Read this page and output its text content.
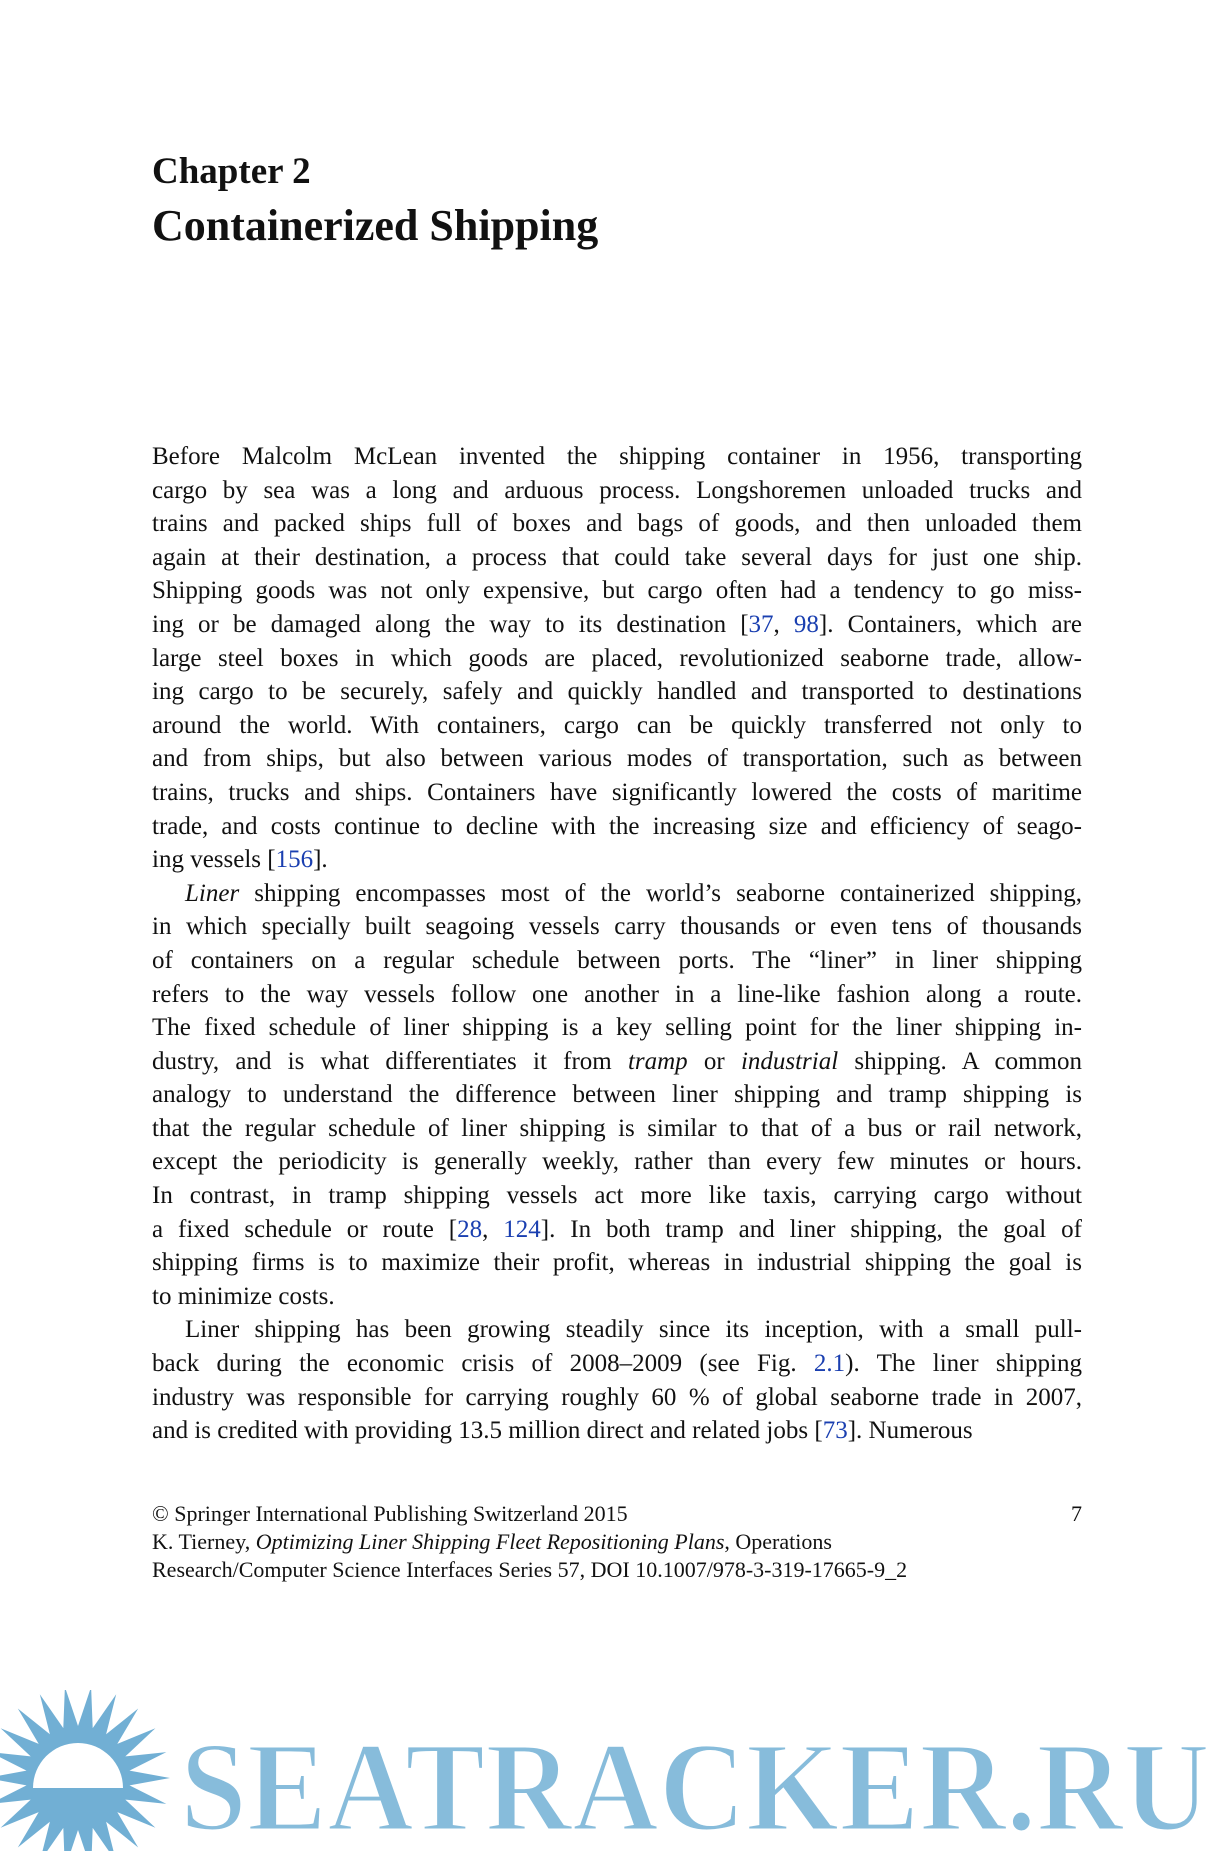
Chapter 2
Containerized Shipping
Before Malcolm McLean invented the shipping container in 1956, transporting
cargo by sea was a long and arduous process. Longshoremen unloaded trucks and
trains and packed ships full of boxes and bags of goods, and then unloaded them
again at their destination, a process that could take several days for just one ship.
Shipping goods was not only expensive, but cargo often had a tendency to go miss-
ing or be damaged along the way to its destination [37, 98]. Containers, which are
large steel boxes in which goods are placed, revolutionized seaborne trade, allow-
ing cargo to be securely, safely and quickly handled and transported to destinations
around the world. With containers, cargo can be quickly transferred not only to
and from ships, but also between various modes of transportation, such as between
trains, trucks and ships. Containers have significantly lowered the costs of maritime
trade, and costs continue to decline with the increasing size and efficiency of seago-
ing vessels [156].
Liner shipping encompasses most of the world’s seaborne containerized shipping,
in which specially built seagoing vessels carry thousands or even tens of thousands
of containers on a regular schedule between ports. The “liner” in liner shipping
refers to the way vessels follow one another in a line-like fashion along a route.
The fixed schedule of liner shipping is a key selling point for the liner shipping in-
dustry, and is what differentiates it from tramp or industrial shipping. A common
analogy to understand the difference between liner shipping and tramp shipping is
that the regular schedule of liner shipping is similar to that of a bus or rail network,
except the periodicity is generally weekly, rather than every few minutes or hours.
In contrast, in tramp shipping vessels act more like taxis, carrying cargo without
a fixed schedule or route [28, 124]. In both tramp and liner shipping, the goal of
shipping firms is to maximize their profit, whereas in industrial shipping the goal is
to minimize costs.
Liner shipping has been growing steadily since its inception, with a small pull-
back during the economic crisis of 2008–2009 (see Fig. 2.1). The liner shipping
industry was responsible for carrying roughly 60 % of global seaborne trade in 2007,
and is credited with providing 13.5 million direct and related jobs [73]. Numerous
© Springer International Publishing Switzerland 2015	7
K. Tierney, Optimizing Liner Shipping Fleet Repositioning Plans, Operations
Research/Computer Science Interfaces Series 57, DOI 10.1007/978-3-319-17665-9_2
SEATRACKER.RU
